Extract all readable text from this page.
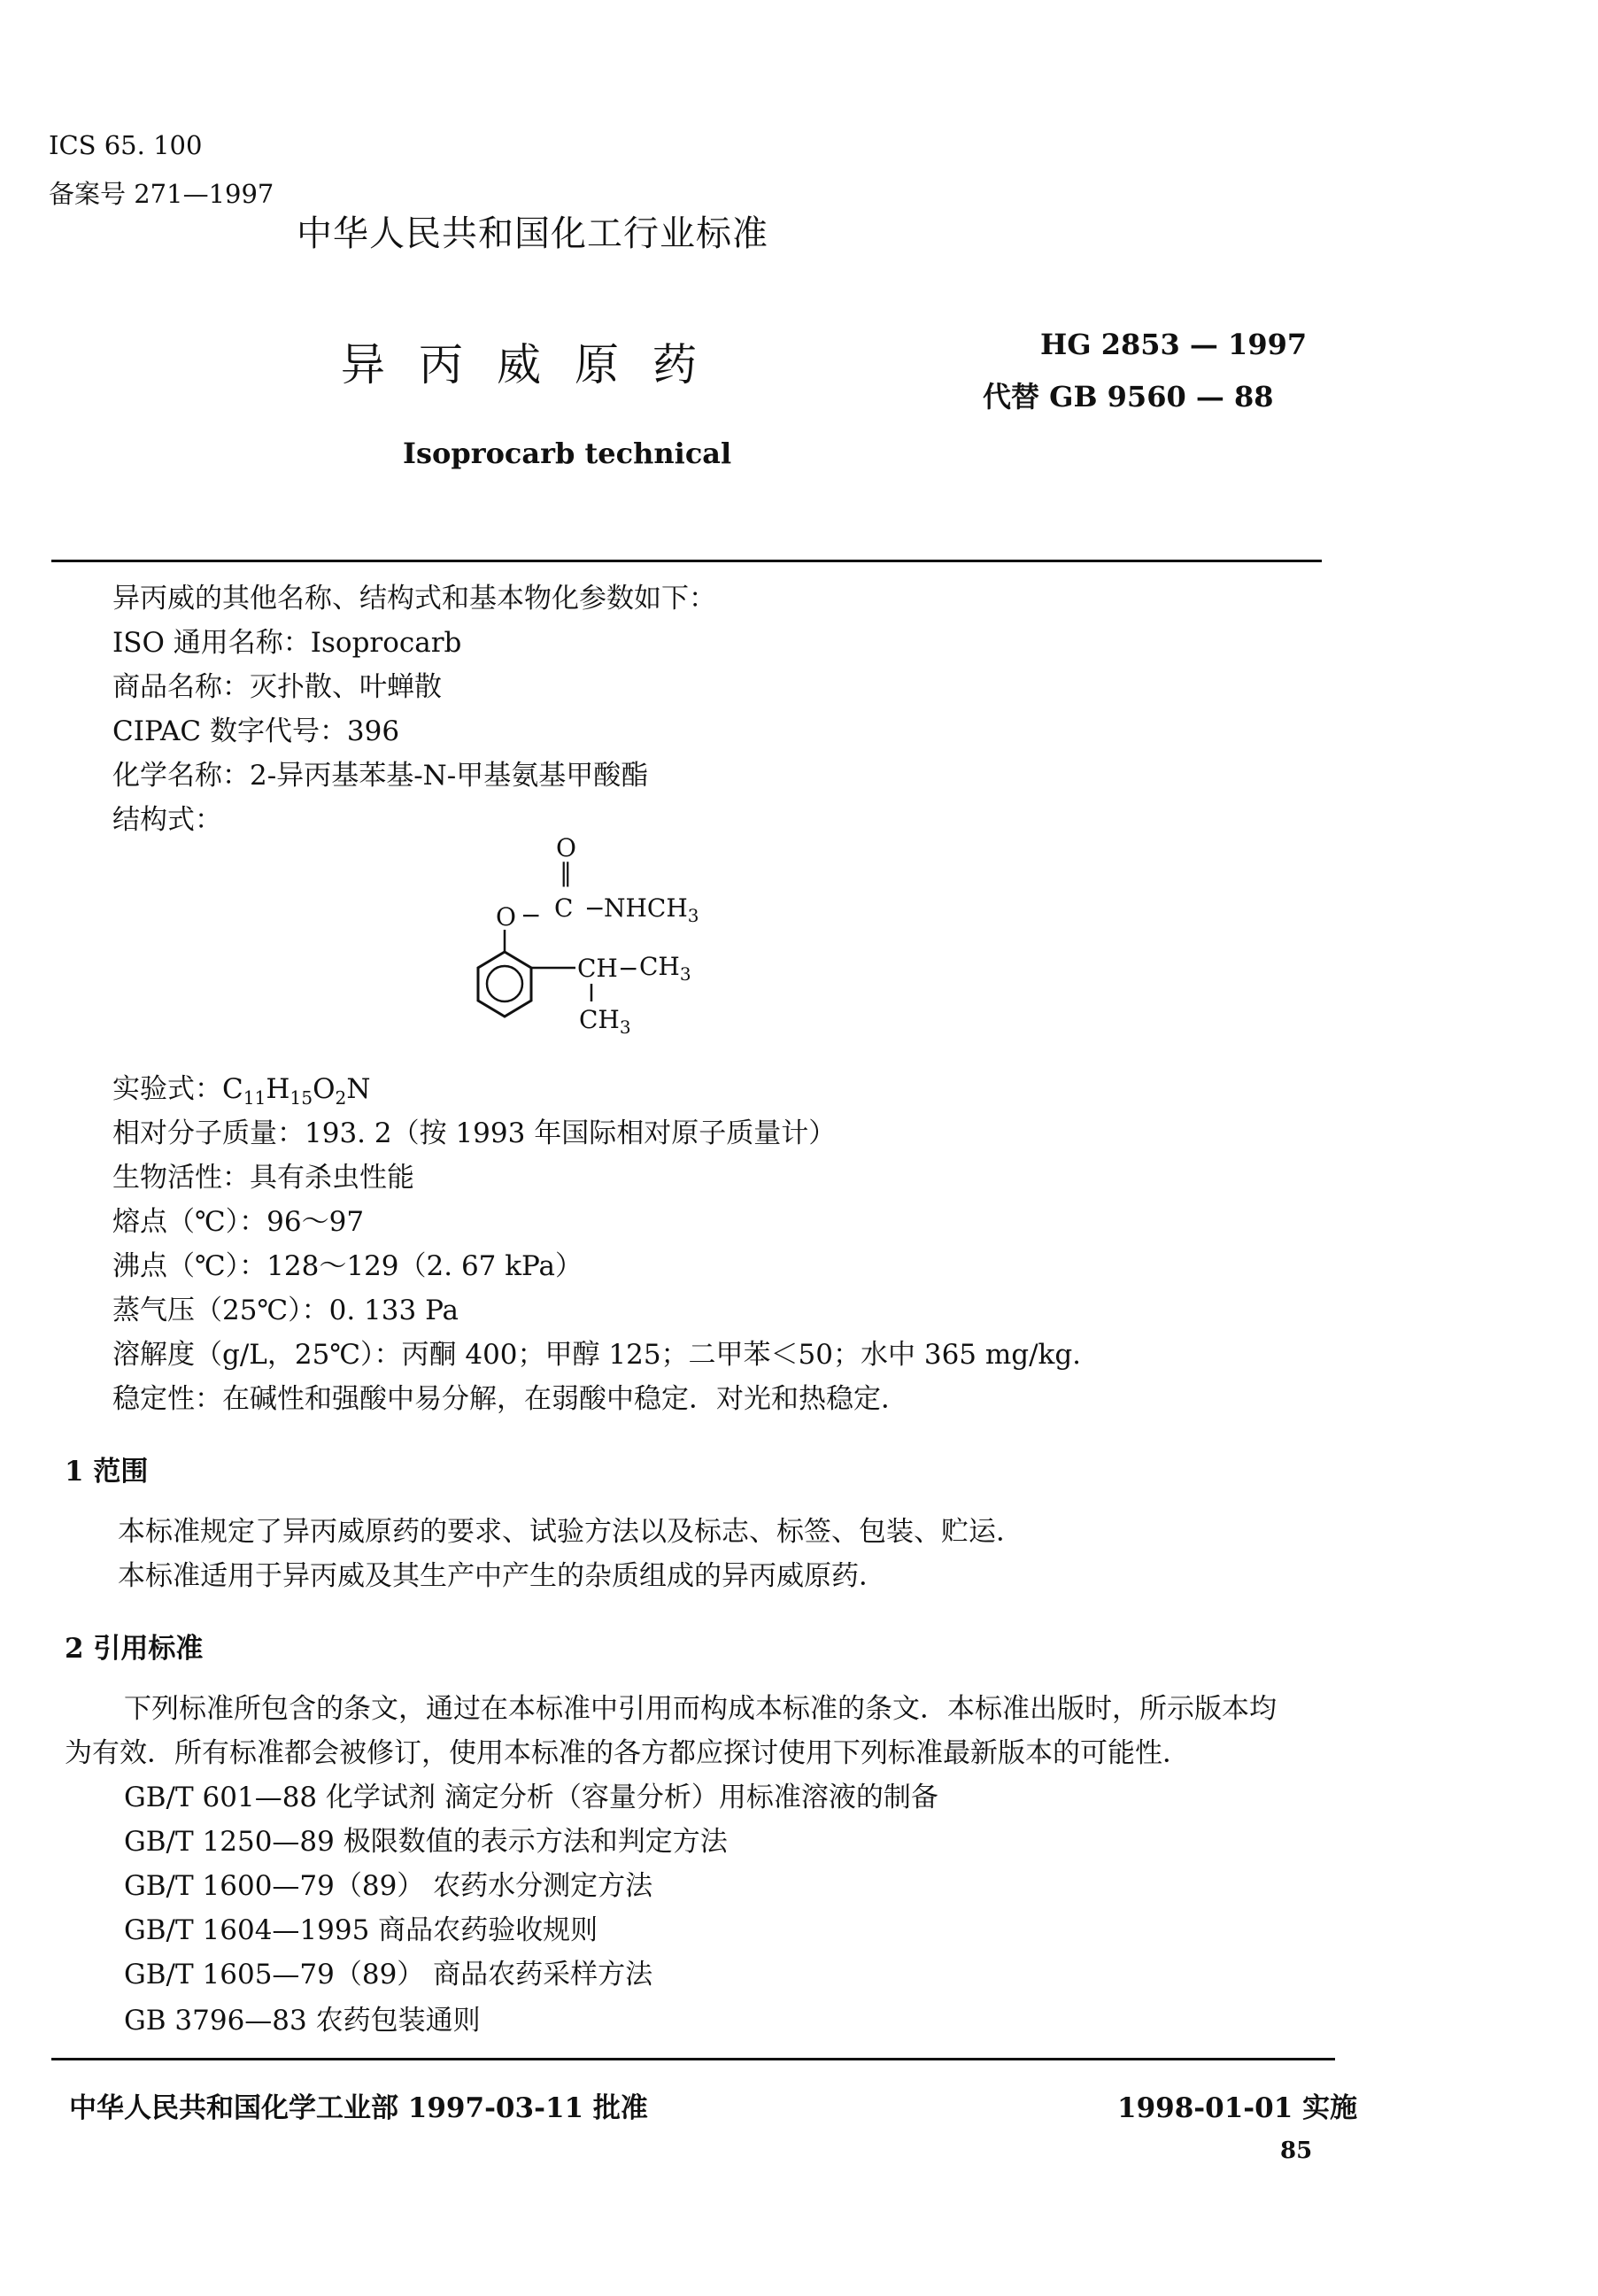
ICS 65. 100
备案号 271—1997
中华人民共和国化工行业标准
异丙威原药	HG 2853 — 1997
代替 GB 9560 — 88
Isoprocarb technical
异丙威的其他名称、结构式和基本物化参数如下：
ISO 通用名称：Isoprocarb
商品名称：灭扑散、叶蝉散
CIPAC 数字代号：396
化学名称：2-异丙基苯基-N-甲基氨基甲酸酯
结构式：
O
‖
O − C −
$NHCH_3$
CH − $CH_3$
$CH_3$
实验式：$C_{11}H_{15}O_2N$
相对分子质量：193. 2（按 1993 年国际相对原子质量计）
生物活性：具有杀虫性能
熔点（℃）：96～97
沸点（℃）：128～129（2. 67 kPa）
蒸气压（25℃）：0. 133 Pa
溶解度（g/L，25℃）：丙酮 400；甲醇 125；二甲苯＜50；水中 365 mg/kg.
稳定性：在碱性和强酸中易分解，在弱酸中稳定．对光和热稳定．
1 范围
本标准规定了异丙威原药的要求、试验方法以及标志、标签、包装、贮运．
本标准适用于异丙威及其生产中产生的杂质组成的异丙威原药．
2 引用标准
下列标准所包含的条文，通过在本标准中引用而构成本标准的条文．本标准出版时，所示版本均
为有效．所有标准都会被修订，使用本标准的各方都应探讨使用下列标准最新版本的可能性．
GB/T 601—88 化学试剂 滴定分析（容量分析）用标准溶液的制备
GB/T 1250—89 极限数值的表示方法和判定方法
GB/T 1600—79（89） 农药水分测定方法
GB/T 1604—1995 商品农药验收规则
GB/T 1605—79（89） 商品农药采样方法
GB 3796—83 农药包装通则
中华人民共和国化学工业部 1997-03-11 批准	1998-01-01 实施
85
